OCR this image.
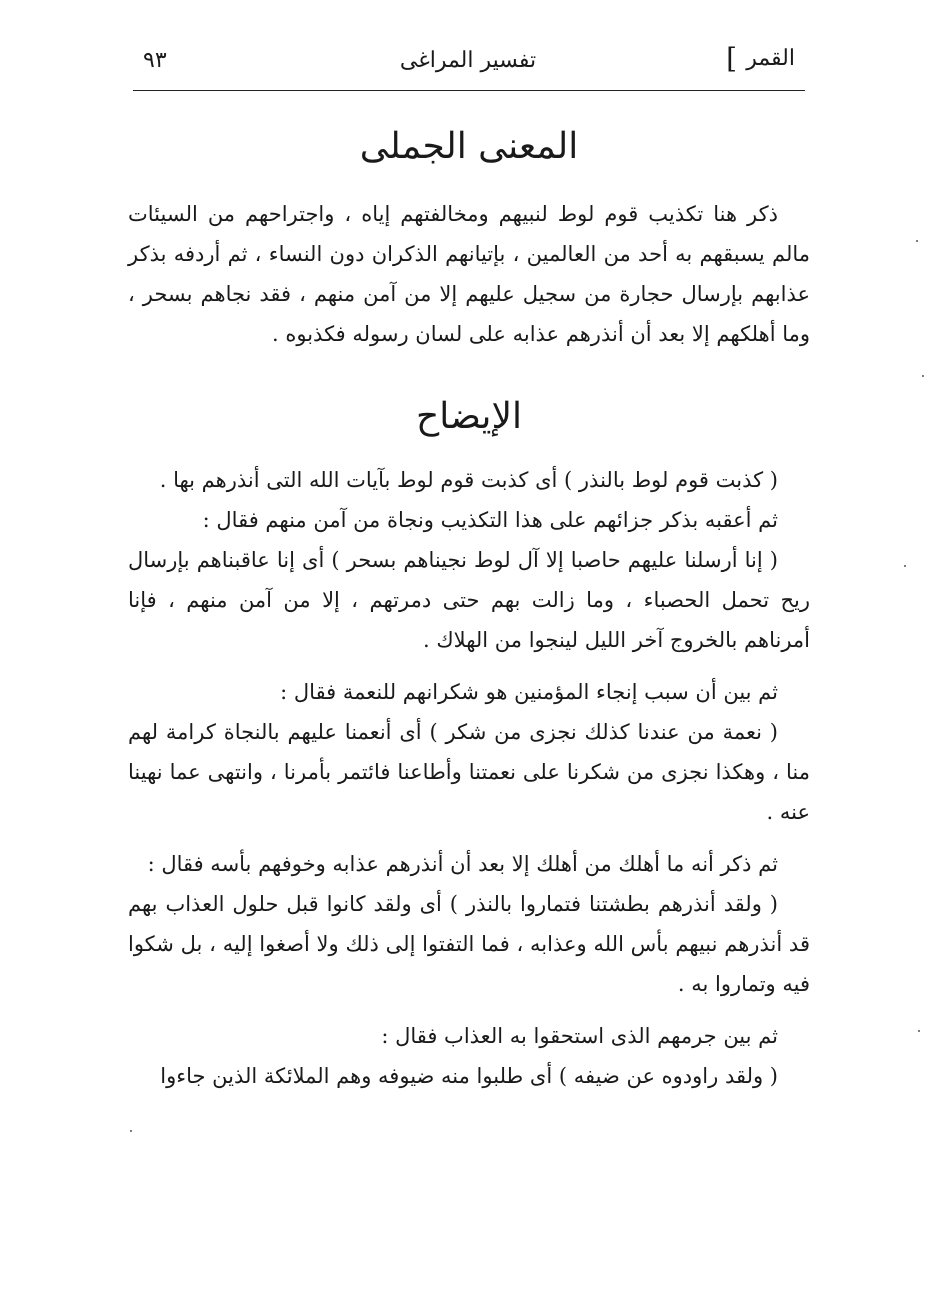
القمر
]
تفسير المراغى
٩٣
المعنى الجملى

ذكر هنا تكذيب قوم لوط لنبيهم ومخالفتهم إياه ، واجتراحهم من السيئات مالم يسبقهم به أحد من العالمين ، بإتيانهم الذكران دون النساء ، ثم أردفه بذكر عذابهم بإرسال حجارة من سجيل عليهم إلا من آمن منهم ، فقد نجاهم بسحر ، وما أهلكهم إلا بعد أن أنذرهم عذابه على لسان رسوله فكذبوه .

الإيضاح

( كذبت قوم لوط بالنذر ) أى كذبت قوم لوط بآيات الله التى أنذرهم بها .

ثم أعقبه بذكر جزائهم على هذا التكذيب ونجاة من آمن منهم فقال :

( إنا أرسلنا عليهم حاصبا إلا آل لوط نجيناهم بسحر ) أى إنا عاقبناهم بإرسال ريح تحمل الحصباء ، وما زالت بهم حتى دمرتهم ، إلا من آمن منهم ، فإنا أمرناهم بالخروج آخر الليل لينجوا من الهلاك .

ثم بين أن سبب إنجاء المؤمنين هو شكرانهم للنعمة فقال :

( نعمة من عندنا كذلك نجزى من شكر ) أى أنعمنا عليهم بالنجاة كرامة لهم منا ، وهكذا نجزى من شكرنا على نعمتنا وأطاعنا فائتمر بأمرنا ، وانتهى عما نهينا عنه .

ثم ذكر أنه ما أهلك من أهلك إلا بعد أن أنذرهم عذابه وخوفهم بأسه فقال :

( ولقد أنذرهم بطشتنا فتماروا بالنذر ) أى ولقد كانوا قبل حلول العذاب بهم قد أنذرهم نبيهم بأس الله وعذابه ، فما التفتوا إلى ذلك ولا أصغوا إليه ، بل شكوا فيه وتماروا به .

ثم بين جرمهم الذى استحقوا به العذاب فقال :

( ولقد راودوه عن ضيفه ) أى طلبوا منه ضيوفه وهم الملائكة الذين جاءوا
